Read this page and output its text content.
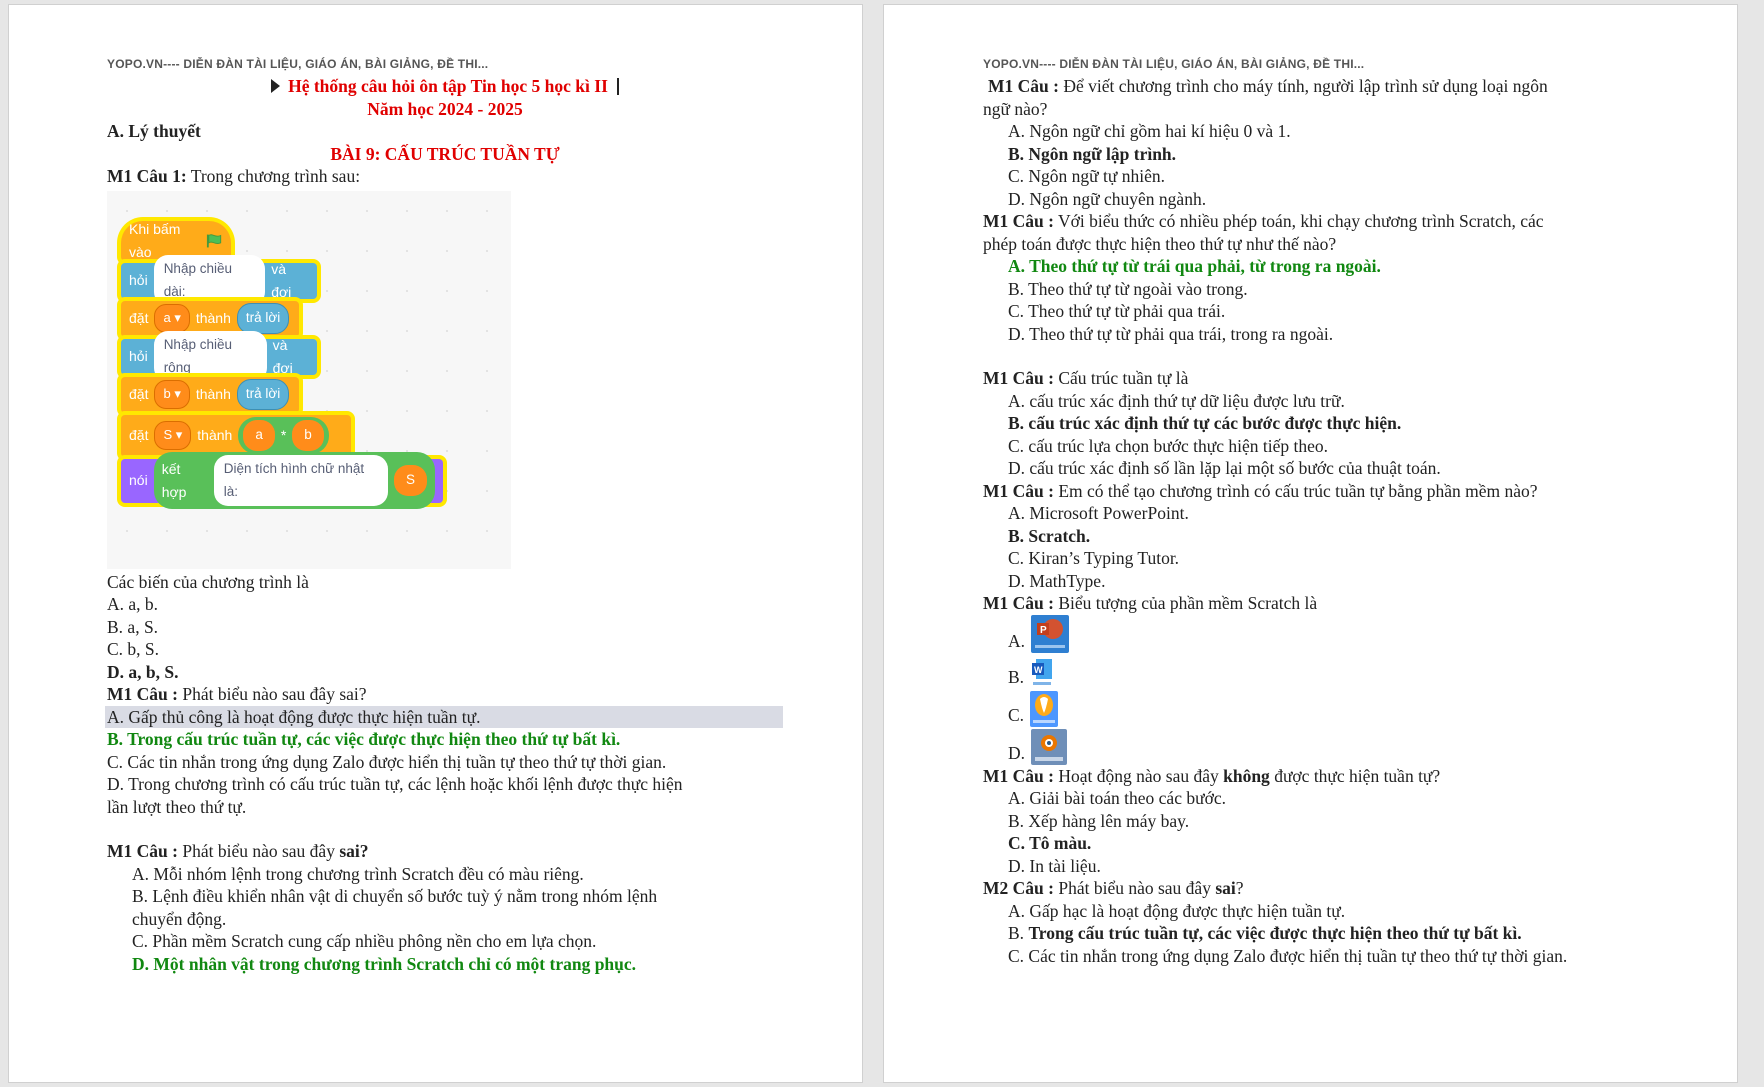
YOPO.VN---- DIỄN ĐÀN TÀI LIỆU, GIÁO ÁN, BÀI GIẢNG, ĐỀ THI...
Hệ thống câu hỏi ôn tập Tin học 5 học kì II
Năm học 2024 - 2025
A. Lý thuyết
BÀI 9: CẤU TRÚC TUẦN TỰ
M1 Câu 1: Trong chương trình sau:
Khi bấm vào
hỏi
Nhập chiều dài:
và đợi
đặt	a ▾	thành	trả lời
hỏi
Nhập chiều rộng
và đợi
đặt	b ▾	thành	trả lời
đặt	S ▾	thành	a	*	b
nói
kết hợp
Diện tích hình chữ nhật là:
S
Các biến của chương trình là
A. a, b.
B. a, S.
C. b, S.
D. a, b, S.
M1 Câu : Phát biểu nào sau đây sai?
A. Gấp thủ công là hoạt động được thực hiện tuần tự.
B. Trong cấu trúc tuần tự, các việc được thực hiện theo thứ tự bất kì.
C. Các tin nhắn trong ứng dụng Zalo được hiển thị tuần tự theo thứ tự thời gian.
D. Trong chương trình có cấu trúc tuần tự, các lệnh hoặc khối lệnh được thực hiện
lần lượt theo thứ tự.
M1 Câu : Phát biểu nào sau đây sai?
A. Mỗi nhóm lệnh trong chương trình Scratch đều có màu riêng.
B. Lệnh điều khiển nhân vật di chuyển số bước tuỳ ý nằm trong nhóm lệnh
chuyển động.
C. Phần mềm Scratch cung cấp nhiều phông nền cho em lựa chọn.
D. Một nhân vật trong chương trình Scratch chỉ có một trang phục.
YOPO.VN---- DIỄN ĐÀN TÀI LIỆU, GIÁO ÁN, BÀI GIẢNG, ĐỀ THI...
M1 Câu : Để viết chương trình cho máy tính, người lập trình sử dụng loại ngôn
ngữ nào?
A. Ngôn ngữ chỉ gồm hai kí hiệu 0 và 1.
B. Ngôn ngữ lập trình.
C. Ngôn ngữ tự nhiên.
D. Ngôn ngữ chuyên ngành.
M1 Câu : Với biểu thức có nhiều phép toán, khi chạy chương trình Scratch, các
phép toán được thực hiện theo thứ tự như thế nào?
A. Theo thứ tự từ trái qua phải, từ trong ra ngoài.
B. Theo thứ tự từ ngoài vào trong.
C. Theo thứ tự từ phải qua trái.
D. Theo thứ tự từ phải qua trái, trong ra ngoài.
M1 Câu : Cấu trúc tuần tự là
A. cấu trúc xác định thứ tự dữ liệu được lưu trữ.
B. cấu trúc xác định thứ tự các bước được thực hiện.
C. cấu trúc lựa chọn bước thực hiện tiếp theo.
D. cấu trúc xác định số lần lặp lại một số bước của thuật toán.
M1 Câu : Em có thể tạo chương trình có cấu trúc tuần tự bằng phần mềm nào?
A. Microsoft PowerPoint.
B. Scratch.
C. Kiran’s Typing Tutor.
D. MathType.
M1 Câu : Biểu tượng của phần mềm Scratch là
A.
P
B. W
C.
D.
M1 Câu : Hoạt động nào sau đây không được thực hiện tuần tự?
A. Giải bài toán theo các bước.
B. Xếp hàng lên máy bay.
C. Tô màu.
D. In tài liệu.
M2 Câu : Phát biểu nào sau đây sai?
A. Gấp hạc là hoạt động được thực hiện tuần tự.
B. Trong cấu trúc tuần tự, các việc được thực hiện theo thứ tự bất kì.
C. Các tin nhắn trong ứng dụng Zalo được hiển thị tuần tự theo thứ tự thời gian.
